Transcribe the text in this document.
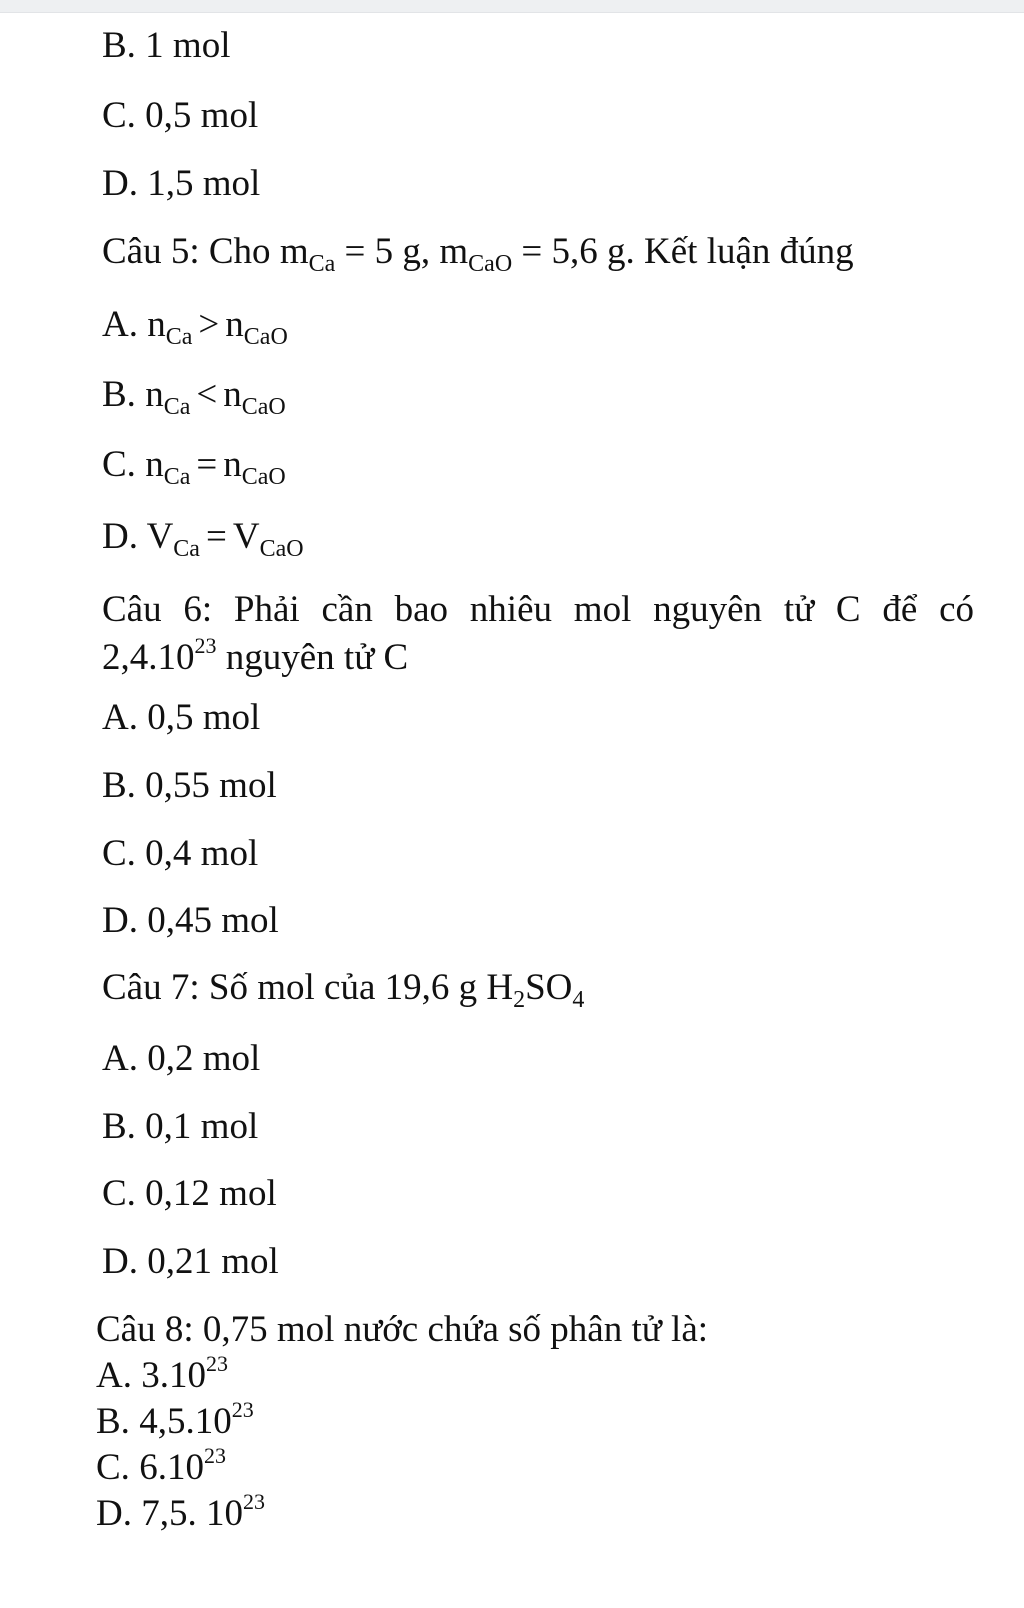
B. 1 mol
C. 0,5 mol
D. 1,5 mol
Câu 5: Cho $m_{Ca} = 5$ g, $m_{CaO} = 5,6$ g. Kết luận đúng
A. $n_{Ca} > n_{CaO}$
B. $n_{Ca} < n_{CaO}$
C. $n_{Ca} = n_{CaO}$
D. $V_{Ca} = V_{CaO}$
Câu 6: Phải cần bao nhiêu mol nguyên tử C để có
2,4.10$^{23}$ nguyên tử C
A. 0,5 mol
B. 0,55 mol
C. 0,4 mol
D. 0,45 mol
Câu 7: Số mol của 19,6 g $H_2SO_4$
A. 0,2 mol
B. 0,1 mol
C. 0,12 mol
D. 0,21 mol
Câu 8: 0,75 mol nước chứa số phân tử là:
A. 3.10$^{23}$
B. 4,5.10$^{23}$
C. 6.10$^{23}$
D. 7,5. $10^{23}$
